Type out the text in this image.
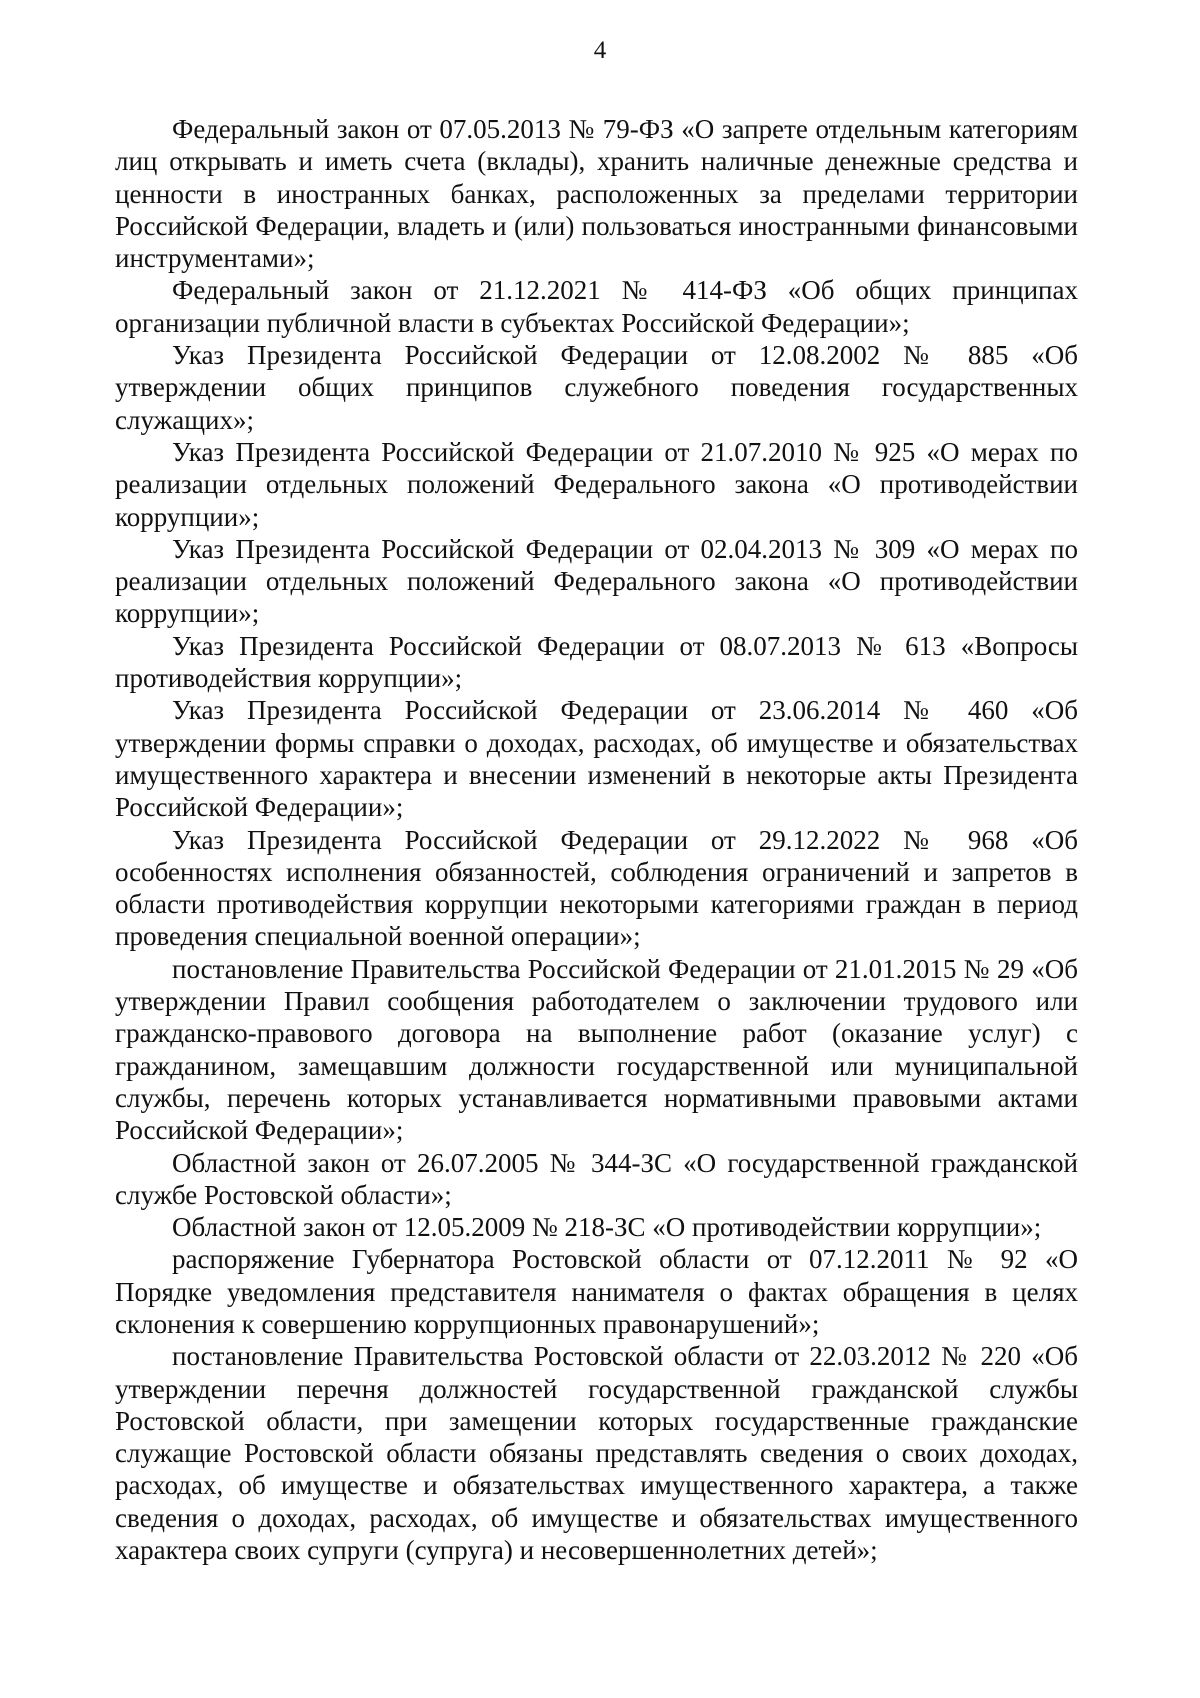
4

Федеральный закон от 07.05.2013 № 79-ФЗ «О запрете отдельным категориям лиц открывать и иметь счета (вклады), хранить наличные денежные средства и ценности в иностранных банках, расположенных за пределами территории Российской Федерации, владеть и (или) пользоваться иностранными финансовыми инструментами»;

Федеральный закон от 21.12.2021 № 414-ФЗ «Об общих принципах организации публичной власти в субъектах Российской Федерации»;

Указ Президента Российской Федерации от 12.08.2002 № 885 «Об утверждении общих принципов служебного поведения государственных служащих»;

Указ Президента Российской Федерации от 21.07.2010 № 925 «О мерах по реализации отдельных положений Федерального закона «О противодействии коррупции»;

Указ Президента Российской Федерации от 02.04.2013 № 309 «О мерах по реализации отдельных положений Федерального закона «О противодействии коррупции»;

Указ Президента Российской Федерации от 08.07.2013 № 613 «Вопросы противодействия коррупции»;

Указ Президента Российской Федерации от 23.06.2014 № 460 «Об утверждении формы справки о доходах, расходах, об имуществе и обязательствах имущественного характера и внесении изменений в некоторые акты Президента Российской Федерации»;

Указ Президента Российской Федерации от 29.12.2022 № 968 «Об особенностях исполнения обязанностей, соблюдения ограничений и запретов в области противодействия коррупции некоторыми категориями граждан в период проведения специальной военной операции»;

постановление Правительства Российской Федерации от 21.01.2015 № 29 «Об утверждении Правил сообщения работодателем о заключении трудового или гражданско-правового договора на выполнение работ (оказание услуг) с гражданином, замещавшим должности государственной или муниципальной службы, перечень которых устанавливается нормативными правовыми актами Российской Федерации»;

Областной закон от 26.07.2005 № 344-ЗС «О государственной гражданской службе Ростовской области»;

Областной закон от 12.05.2009 № 218-ЗС «О противодействии коррупции»;

распоряжение Губернатора Ростовской области от 07.12.2011 № 92 «О Порядке уведомления представителя нанимателя о фактах обращения в целях склонения к совершению коррупционных правонарушений»;

постановление Правительства Ростовской области от 22.03.2012 № 220 «Об утверждении перечня должностей государственной гражданской службы Ростовской области, при замещении которых государственные гражданские служащие Ростовской области обязаны представлять сведения о своих доходах, расходах, об имуществе и обязательствах имущественного характера, а также сведения о доходах, расходах, об имуществе и обязательствах имущественного характера своих супруги (супруга) и несовершеннолетних детей»;
